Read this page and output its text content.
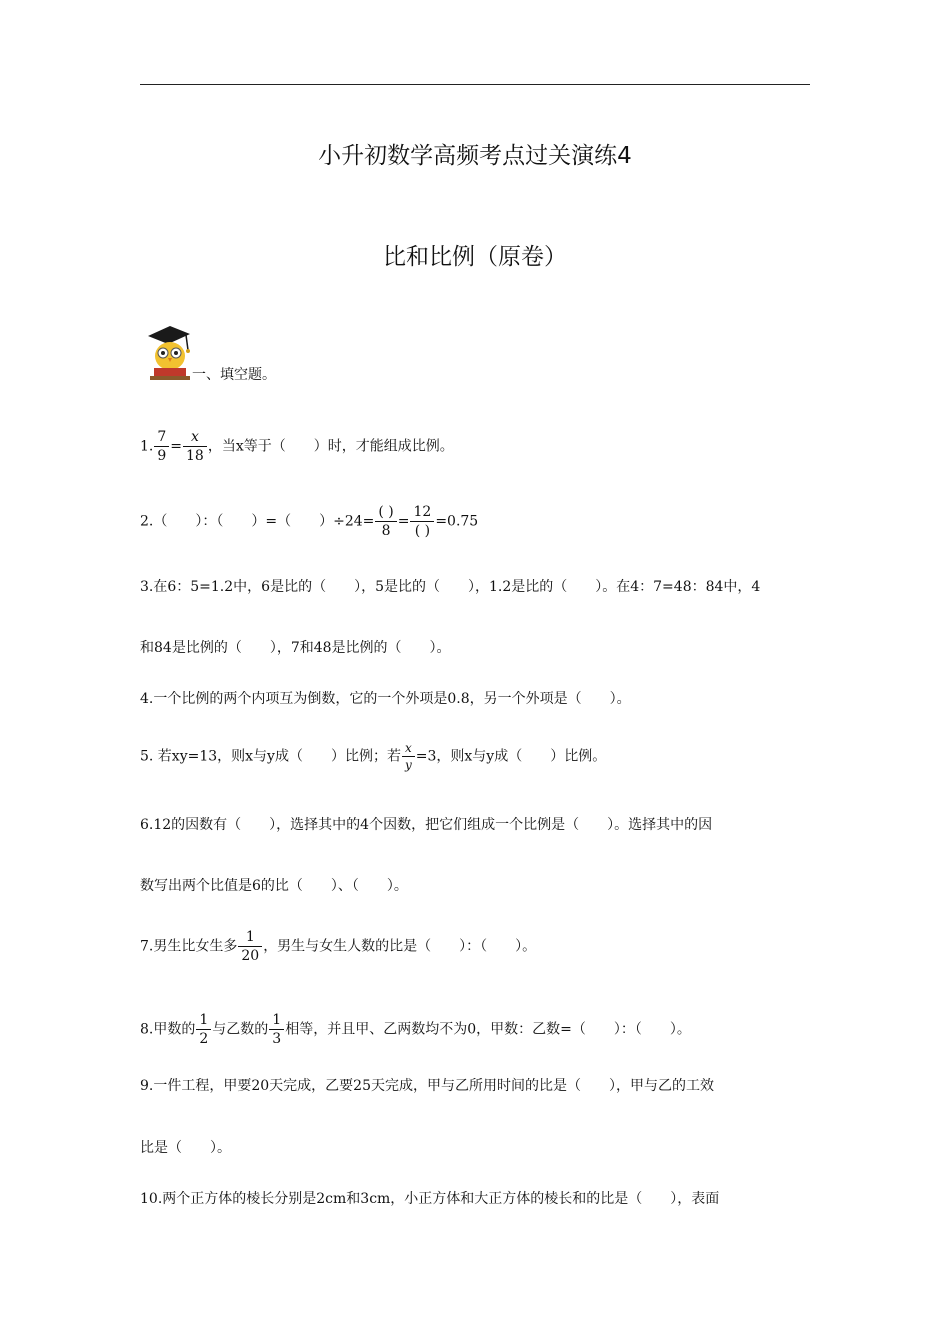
小升初数学高频考点过关演练4
比和比例（原卷）
一、填空题。
1. $\frac{7}{9} = \frac{x}{18}$ ，当x等于（　　）时，才能组成比例。
2.（　　）：（　　）=（　　）$\div 24= \frac{( )}{8} = \frac{12}{( )} =0.75$
3.在6：5=1.2中，6是比的（　　），5是比的（　　），1.2是比的（　　）。在4：7=48：84中，4
和84是比例的（　　），7和48是比例的（　　）。
4.一个比例的两个内项互为倒数，它的一个外项是0.8，另一个外项是（　　）。
5. 若xy=13，则x与y成（　　）比例；若 $\frac{x}{y} =3$，则x与y成（　　）比例。
6.12的因数有（　　），选择其中的4个因数，把它们组成一个比例是（　　）。选择其中的因
数写出两个比值是6的比（　　）、（　　）。
7.男生比女生多 $\frac{1}{20}$ ，男生与女生人数的比是（　　）：（　　）。
8.甲数的 $\frac{1}{2}$ 与乙数的 $\frac{1}{3}$ 相等，并且甲、乙两数均不为0，甲数：乙数=（　　）：（　　）。
9.一件工程，甲要20天完成，乙要25天完成，甲与乙所用时间的比是（　　），甲与乙的工效
比是（　　）。
10.两个正方体的棱长分别是2cm和3cm，小正方体和大正方体的棱长和的比是（　　），表面
